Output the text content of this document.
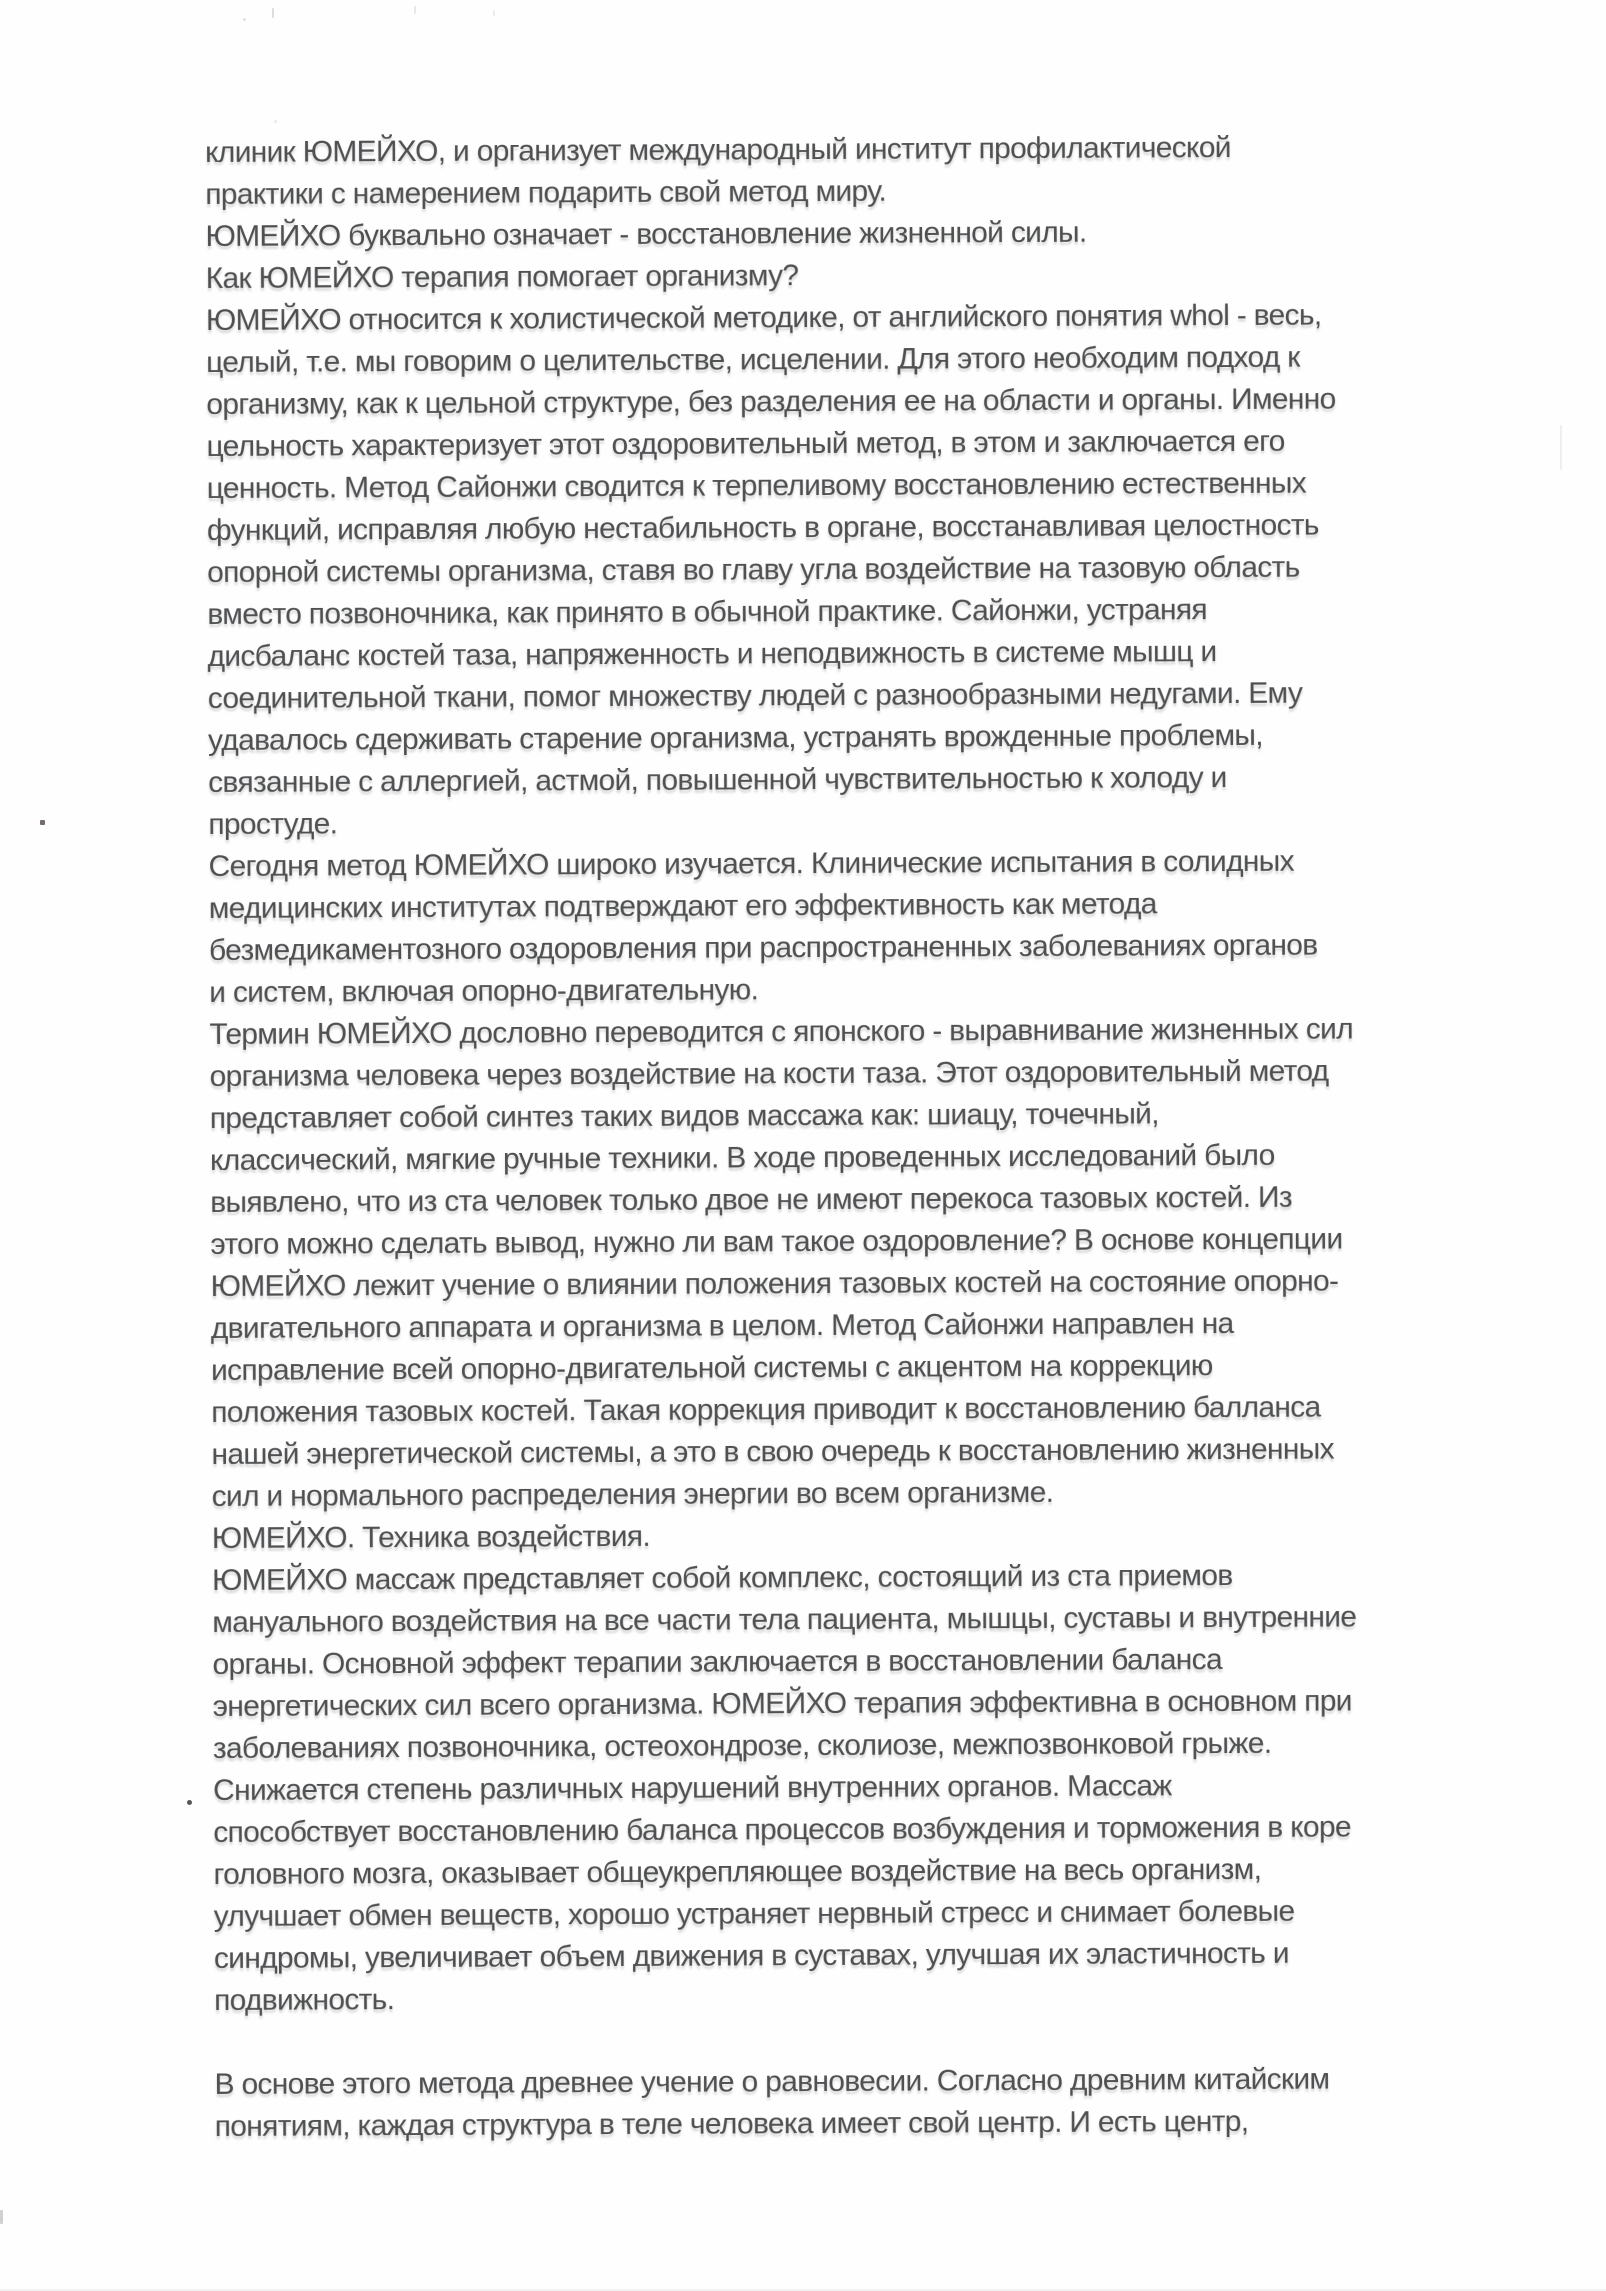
клиник ЮМЕЙХО, и организует международный институт профилактической
практики с намерением подарить свой метод миру.
ЮМЕЙХО буквально означает - восстановление жизненной силы.
Как ЮМЕЙХО терапия помогает организму?
ЮМЕЙХО относится к холистической методике, от английского понятия whol - весь,
целый, т.е. мы говорим о целительстве, исцелении. Для этого необходим подход к
организму, как к цельной структуре, без разделения ее на области и органы. Именно
цельность характеризует этот оздоровительный метод, в этом и заключается его
ценность. Метод Сайонжи сводится к терпеливому восстановлению естественных
функций, исправляя любую нестабильность в органе, восстанавливая целостность
опорной системы организма, ставя во главу угла воздействие на тазовую область
вместо позвоночника, как принято в обычной практике. Сайонжи, устраняя
дисбаланс костей таза, напряженность и неподвижность в системе мышц и
соединительной ткани, помог множеству людей с разнообразными недугами. Ему
удавалось сдерживать старение организма, устранять врожденные проблемы,
связанные с аллергией, астмой, повышенной чувствительностью к холоду и
простуде.
Сегодня метод ЮМЕЙХО широко изучается. Клинические испытания в солидных
медицинских институтах подтверждают его эффективность как метода
безмедикаментозного оздоровления при распространенных заболеваниях органов
и систем, включая опорно-двигательную.
Термин ЮМЕЙХО дословно переводится с японского - выравнивание жизненных сил
организма человека через воздействие на кости таза. Этот оздоровительный метод
представляет собой синтез таких видов массажа как: шиацу, точечный,
классический, мягкие ручные техники. В ходе проведенных исследований было
выявлено, что из ста человек только двое не имеют перекоса тазовых костей. Из
этого можно сделать вывод, нужно ли вам такое оздоровление? В основе концепции
ЮМЕЙХО лежит учение о влиянии положения тазовых костей на состояние опорно-
двигательного аппарата и организма в целом. Метод Сайонжи направлен на
исправление всей опорно-двигательной системы с акцентом на коррекцию
положения тазовых костей. Такая коррекция приводит к восстановлению балланса
нашей энергетической системы, а это в свою очередь к восстановлению жизненных
сил и нормального распределения энергии во всем организме.
ЮМЕЙХО. Техника воздействия.
ЮМЕЙХО массаж представляет собой комплекс, состоящий из ста приемов
мануального воздействия на все части тела пациента, мышцы, суставы и внутренние
органы. Основной эффект терапии заключается в восстановлении баланса
энергетических сил всего организма. ЮМЕЙХО терапия эффективна в основном при
заболеваниях позвоночника, остеохондрозе, сколиозе, межпозвонковой грыже.
Снижается степень различных нарушений внутренних органов. Массаж
способствует восстановлению баланса процессов возбуждения и торможения в коре
головного мозга, оказывает общеукрепляющее воздействие на весь организм,
улучшает обмен веществ, хорошо устраняет нервный стресс и снимает болевые
синдромы, увеличивает объем движения в суставах, улучшая их эластичность и
подвижность.
В основе этого метода древнее учение о равновесии. Согласно древним китайским
понятиям, каждая структура в теле человека имеет свой центр. И есть центр,
